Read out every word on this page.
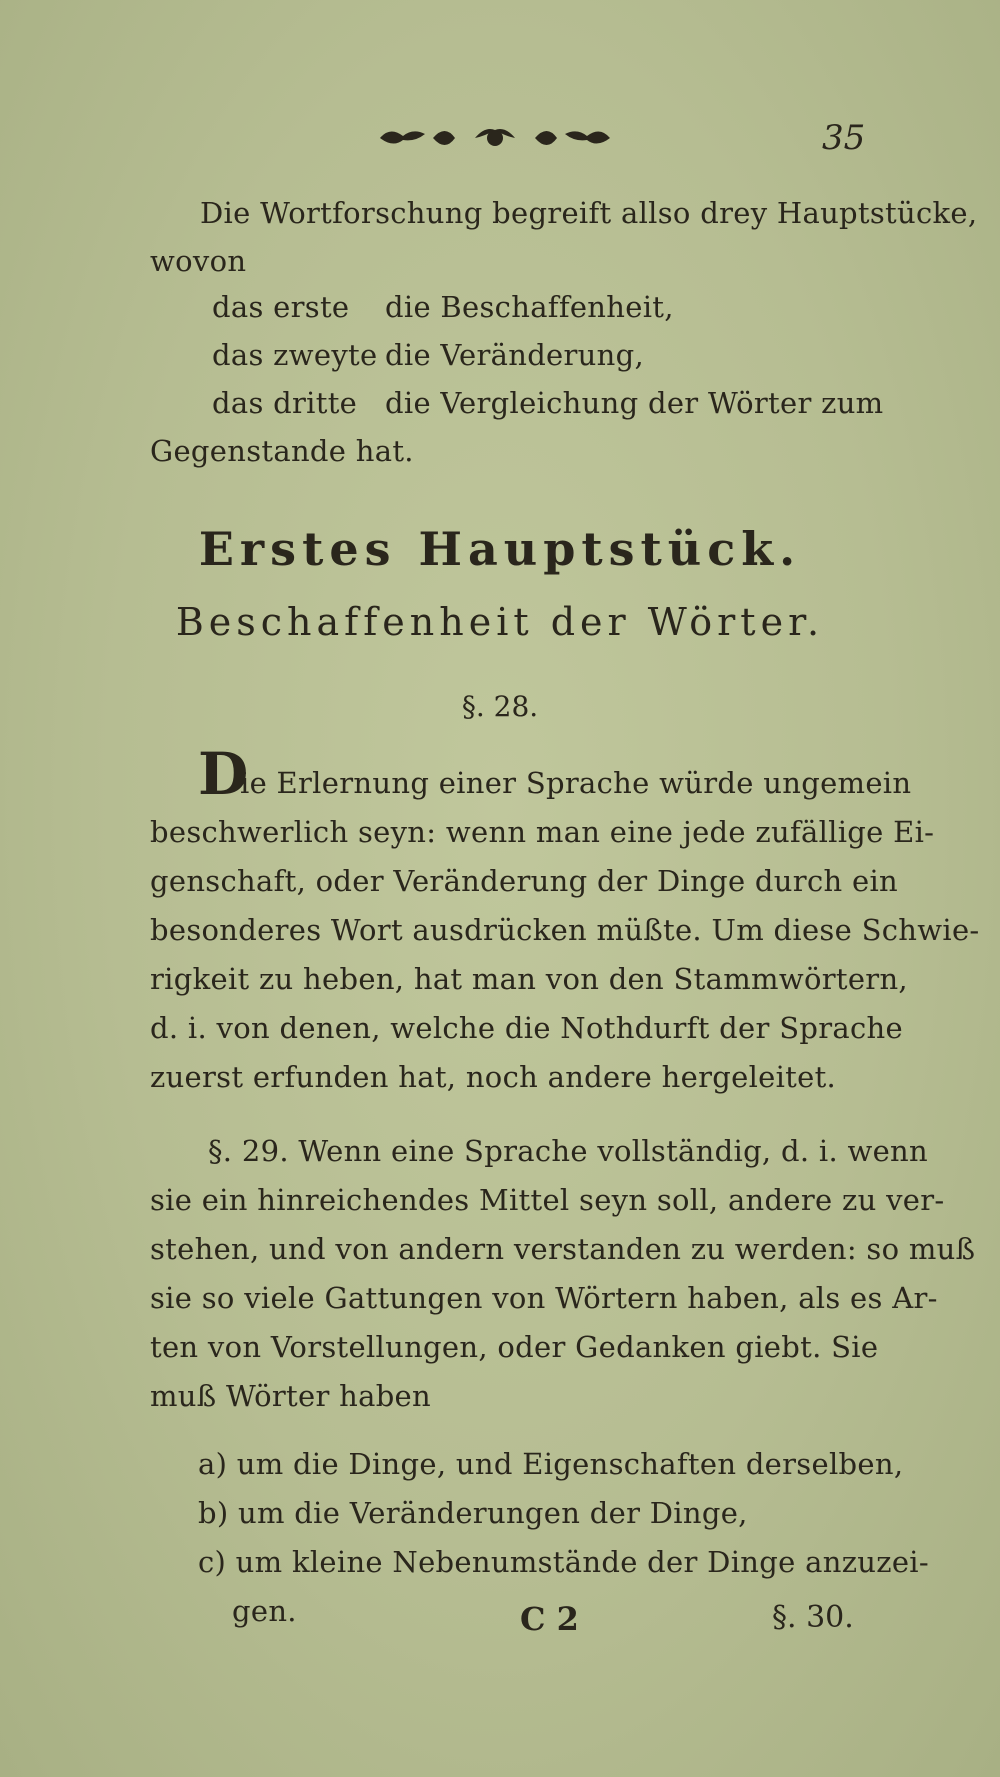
35
Die Wortforschung begreift allso drey Hauptstücke,
wovon
das erste die Beschaffenheit,
das zweyte die Veränderung,
das dritte die Vergleichung der Wörter zum
Gegenstande hat.
Erstes Hauptstück.
Beschaffenheit der Wörter.
§. 28.
D
ie Erlernung einer Sprache würde ungemein
beschwerlich seyn: wenn man eine jede zufällige Ei-
genschaft, oder Veränderung der Dinge durch ein
besonderes Wort ausdrücken müßte. Um diese Schwie-
rigkeit zu heben, hat man von den Stammwörtern,
d. i. von denen, welche die Nothdurft der Sprache
zuerst erfunden hat, noch andere hergeleitet.
§. 29. Wenn eine Sprache vollständig, d. i. wenn
sie ein hinreichendes Mittel seyn soll, andere zu ver-
stehen, und von andern verstanden zu werden: so muß
sie so viele Gattungen von Wörtern haben, als es Ar-
ten von Vorstellungen, oder Gedanken giebt. Sie
muß Wörter haben
a) um die Dinge, und Eigenschaften derselben,
b) um die Veränderungen der Dinge,
c) um kleine Nebenumstände der Dinge anzuzei-
gen.	C 2	§. 30.
